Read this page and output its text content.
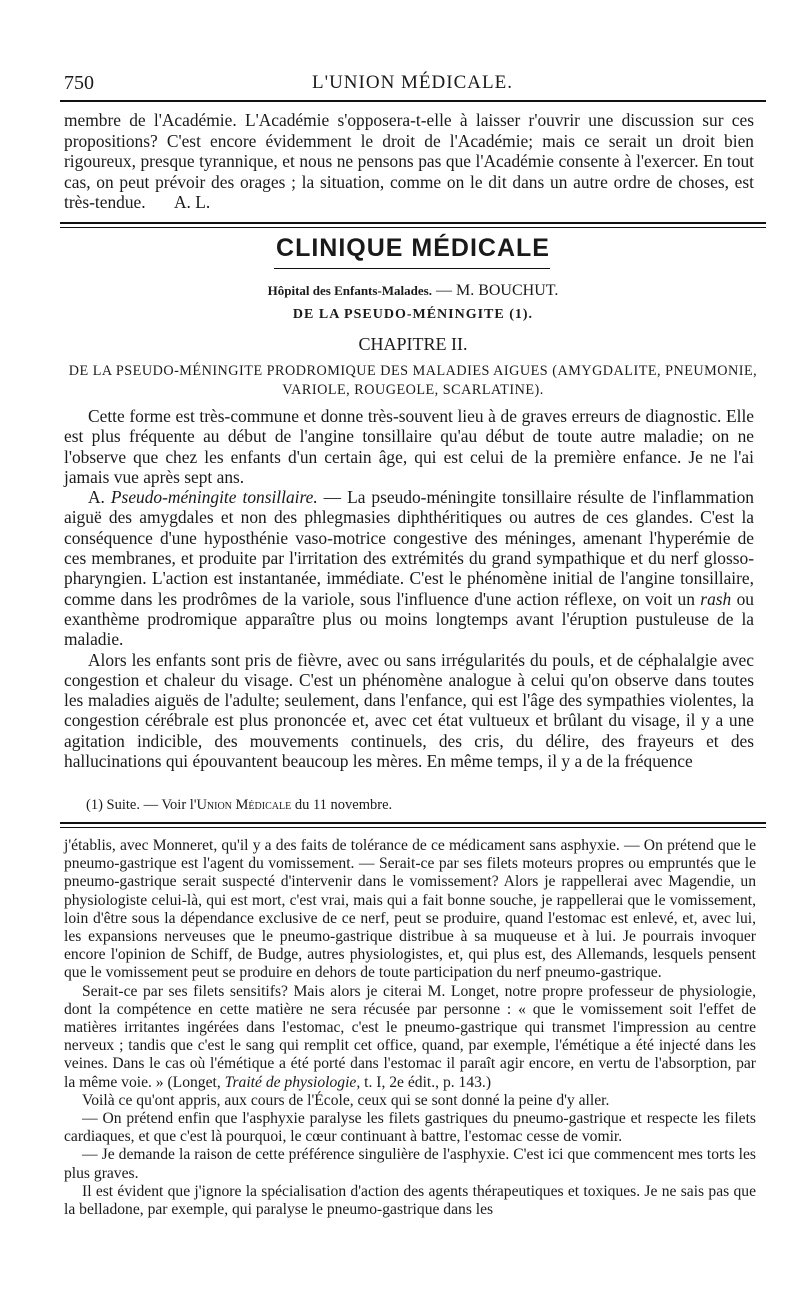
750	L'UNION MÉDICALE.

membre de l'Académie. L'Académie s'opposera-t-elle à laisser r'ouvrir une discussion sur ces propositions? C'est encore évidemment le droit de l'Académie; mais ce serait un droit bien rigoureux, presque tyrannique, et nous ne pensons pas que l'Académie consente à l'exercer. En tout cas, on peut prévoir des orages ; la situation, comme on le dit dans un autre ordre de choses, est très-tendue. A. L.

CLINIQUE MÉDICALE
Hôpital des Enfants-Malades. — M. BOUCHUT.
DE LA PSEUDO-MÉNINGITE (1).
CHAPITRE II.
DE LA PSEUDO-MÉNINGITE PRODROMIQUE DES MALADIES AIGUES (AMYGDALITE, PNEUMONIE, VARIOLE, ROUGEOLE, SCARLATINE).

Cette forme est très-commune et donne très-souvent lieu à de graves erreurs de diagnostic. Elle est plus fréquente au début de l'angine tonsillaire qu'au début de toute autre maladie; on ne l'observe que chez les enfants d'un certain âge, qui est celui de la première enfance. Je ne l'ai jamais vue après sept ans.

A. Pseudo-méningite tonsillaire. — La pseudo-méningite tonsillaire résulte de l'inflammation aiguë des amygdales et non des phlegmasies diphthéritiques ou autres de ces glandes. C'est la conséquence d'une hyposthénie vaso-motrice congestive des méninges, amenant l'hyperémie de ces membranes, et produite par l'irritation des extrémités du grand sympathique et du nerf glosso-pharyngien. L'action est instantanée, immédiate. C'est le phénomène initial de l'angine tonsillaire, comme dans les prodrômes de la variole, sous l'influence d'une action réflexe, on voit un rash ou exanthème prodromique apparaître plus ou moins longtemps avant l'éruption pustuleuse de la maladie.

Alors les enfants sont pris de fièvre, avec ou sans irrégularités du pouls, et de céphalalgie avec congestion et chaleur du visage. C'est un phénomène analogue à celui qu'on observe dans toutes les maladies aiguës de l'adulte; seulement, dans l'enfance, qui est l'âge des sympathies violentes, la congestion cérébrale est plus prononcée et, avec cet état vultueux et brûlant du visage, il y a une agitation indicible, des mouvements continuels, des cris, du délire, des frayeurs et des hallucinations qui épouvantent beaucoup les mères. En même temps, il y a de la fréquence

(1) Suite. — Voir l'Union Médicale du 11 novembre.

j'établis, avec Monneret, qu'il y a des faits de tolérance de ce médicament sans asphyxie. — On prétend que le pneumo-gastrique est l'agent du vomissement. — Serait-ce par ses filets moteurs propres ou empruntés que le pneumo-gastrique serait suspecté d'intervenir dans le vomissement? Alors je rappellerai avec Magendie, un physiologiste celui-là, qui est mort, c'est vrai, mais qui a fait bonne souche, je rappellerai que le vomissement, loin d'être sous la dépendance exclusive de ce nerf, peut se produire, quand l'estomac est enlevé, et, avec lui, les expansions nerveuses que le pneumo-gastrique distribue à sa muqueuse et à lui. Je pourrais invoquer encore l'opinion de Schiff, de Budge, autres physiologistes, et, qui plus est, des Allemands, lesquels pensent que le vomissement peut se produire en dehors de toute participation du nerf pneumo-gastrique.

Serait-ce par ses filets sensitifs? Mais alors je citerai M. Longet, notre propre professeur de physiologie, dont la compétence en cette matière ne sera récusée par personne : « que le vomissement soit l'effet de matières irritantes ingérées dans l'estomac, c'est le pneumo-gastrique qui transmet l'impression au centre nerveux ; tandis que c'est le sang qui remplit cet office, quand, par exemple, l'émétique a été injecté dans les veines. Dans le cas où l'émétique a été porté dans l'estomac il paraît agir encore, en vertu de l'absorption, par la même voie. » (Longet, Traité de physiologie, t. I, 2e édit., p. 143.)

Voilà ce qu'ont appris, aux cours de l'École, ceux qui se sont donné la peine d'y aller.

— On prétend enfin que l'asphyxie paralyse les filets gastriques du pneumo-gastrique et respecte les filets cardiaques, et que c'est là pourquoi, le cœur continuant à battre, l'estomac cesse de vomir.

— Je demande la raison de cette préférence singulière de l'asphyxie. C'est ici que commencent mes torts les plus graves.

Il est évident que j'ignore la spécialisation d'action des agents thérapeutiques et toxiques. Je ne sais pas que la belladone, par exemple, qui paralyse le pneumo-gastrique dans les
